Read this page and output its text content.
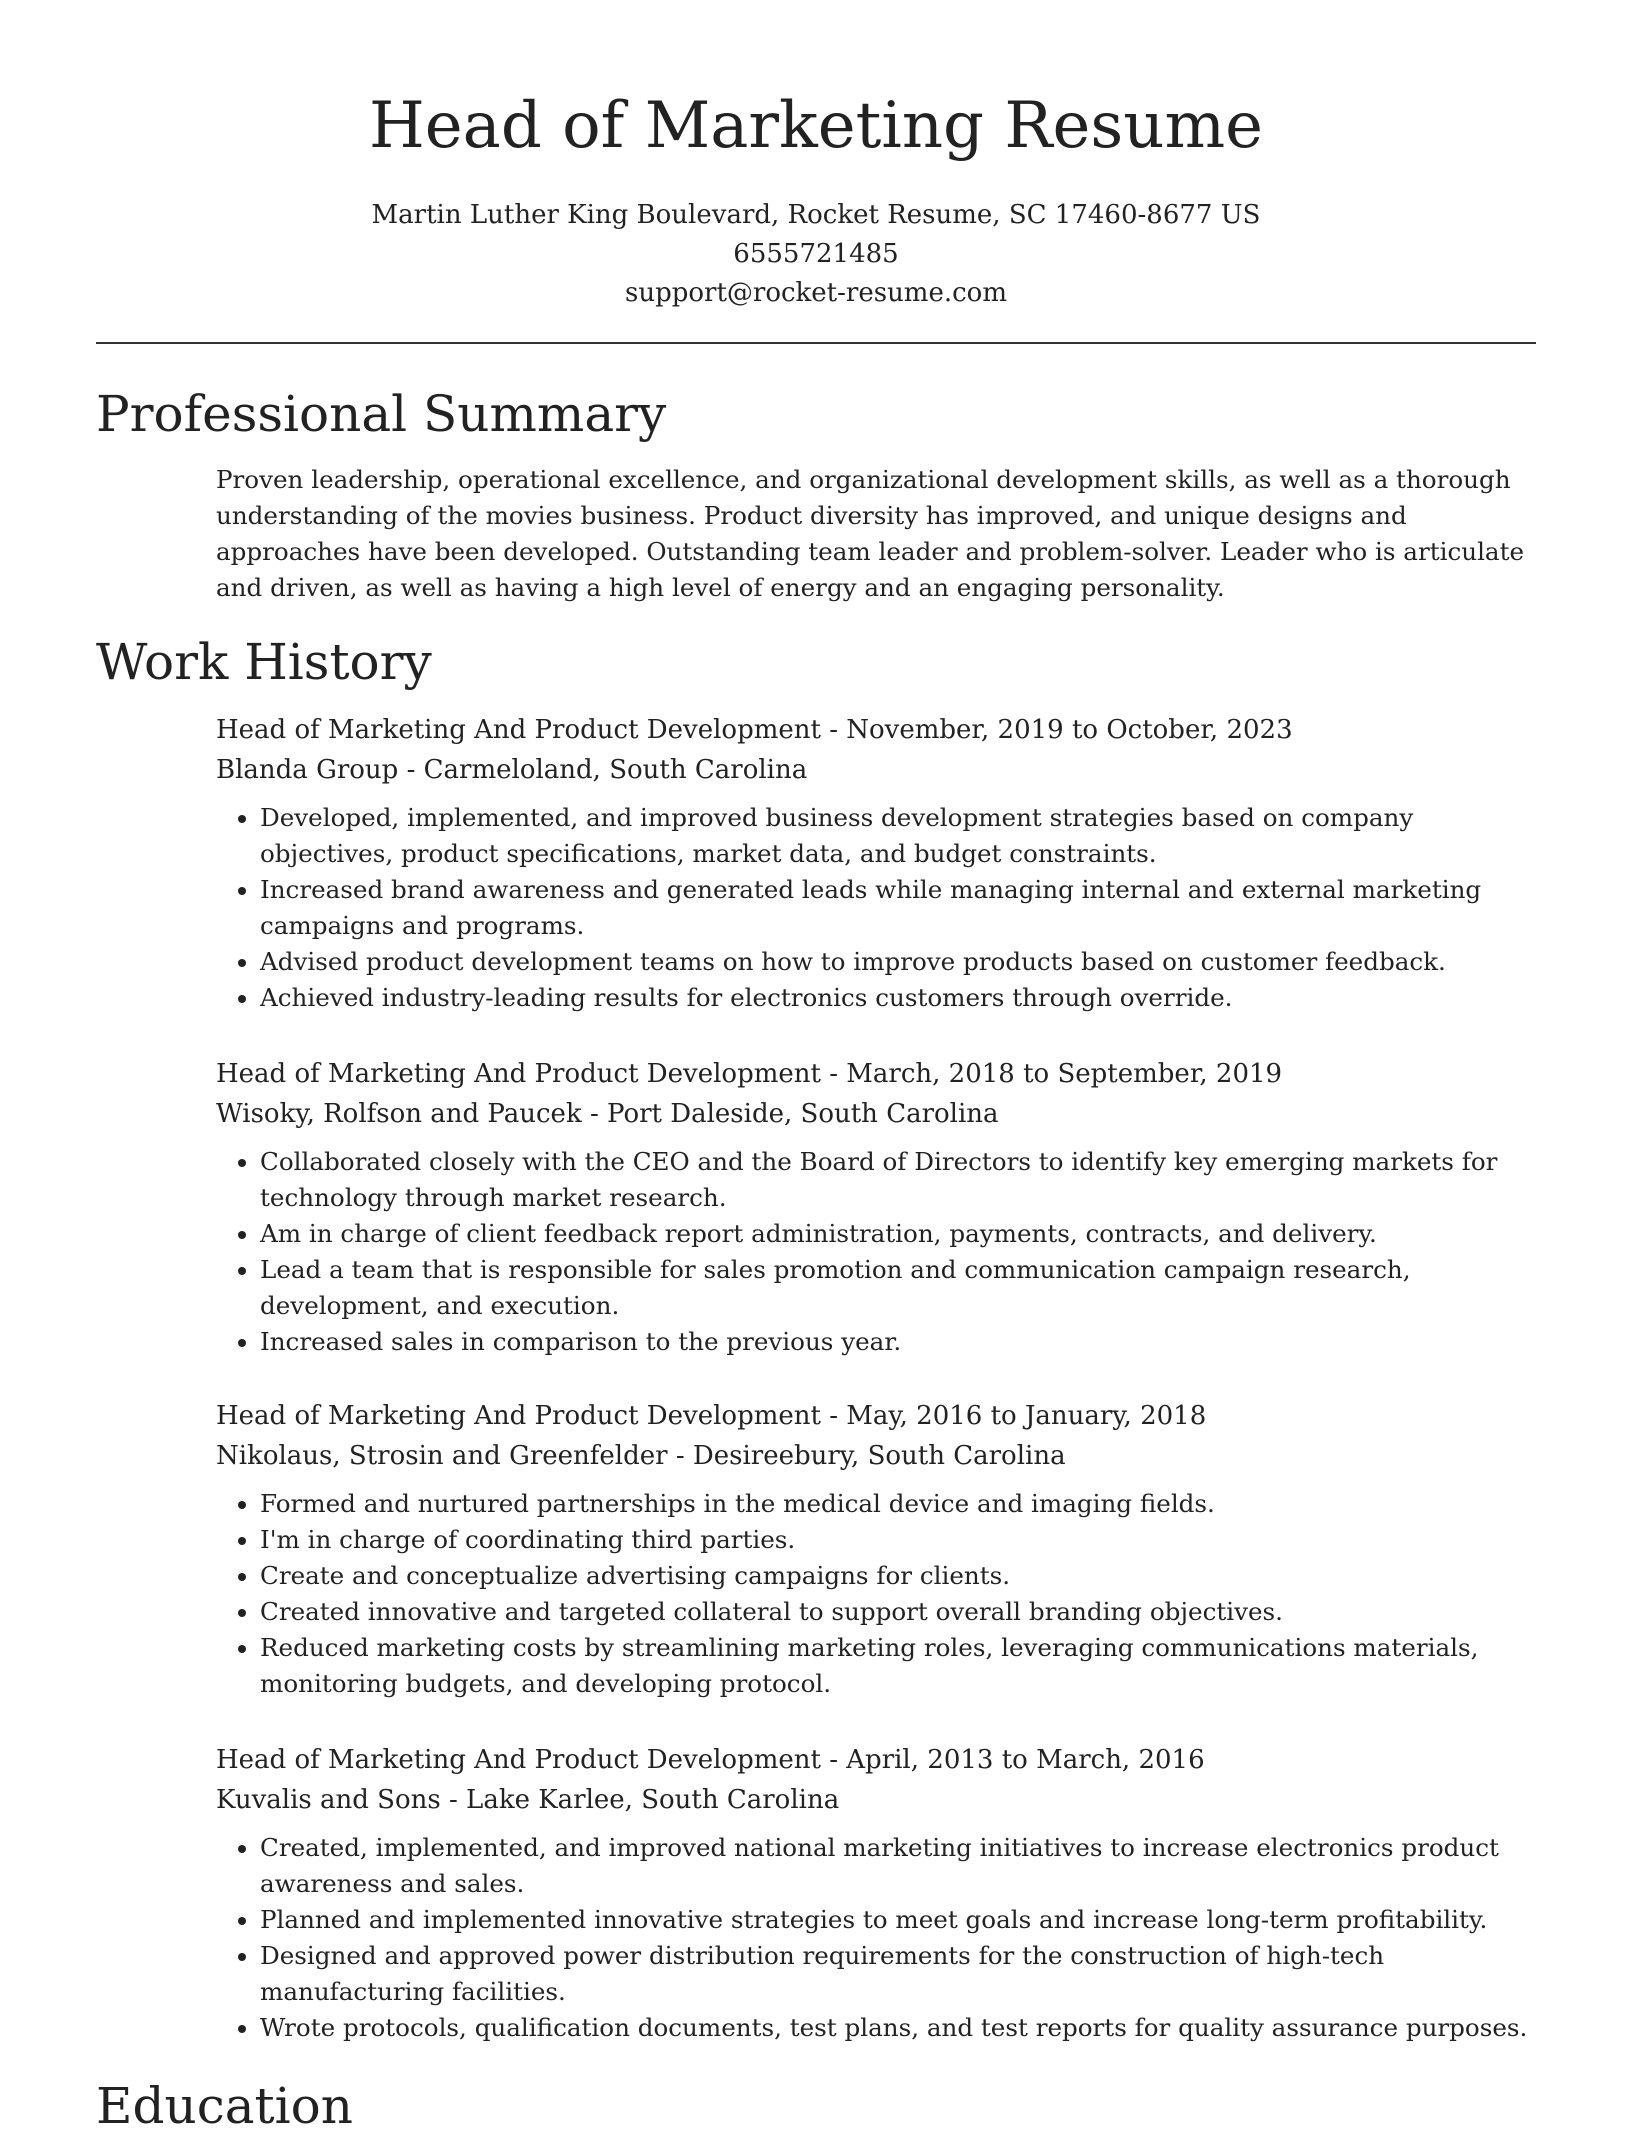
Head of Marketing Resume
Martin Luther King Boulevard, Rocket Resume, SC 17460-8677 US
6555721485
support@rocket-resume.com
Professional Summary

Proven leadership, operational excellence, and organizational development skills, as well as a thorough understanding of the movies business. Product diversity has improved, and unique designs and approaches have been developed. Outstanding team leader and problem-solver. Leader who is articulate and driven, as well as having a high level of energy and an engaging personality.

Work History

Head of Marketing And Product Development - November, 2019 to October, 2023

Blanda Group - Carmeloland, South Carolina

• Developed, implemented, and improved business development strategies based on company objectives, product specifications, market data, and budget constraints.
• Increased brand awareness and generated leads while managing internal and external marketing campaigns and programs.
• Advised product development teams on how to improve products based on customer feedback.
• Achieved industry-leading results for electronics customers through override.

Head of Marketing And Product Development - March, 2018 to September, 2019

Wisoky, Rolfson and Paucek - Port Daleside, South Carolina

• Collaborated closely with the CEO and the Board of Directors to identify key emerging markets for technology through market research.
• Am in charge of client feedback report administration, payments, contracts, and delivery.
• Lead a team that is responsible for sales promotion and communication campaign research, development, and execution.
• Increased sales in comparison to the previous year.

Head of Marketing And Product Development - May, 2016 to January, 2018

Nikolaus, Strosin and Greenfelder - Desireebury, South Carolina

• Formed and nurtured partnerships in the medical device and imaging fields.
• I'm in charge of coordinating third parties.
• Create and conceptualize advertising campaigns for clients.
• Created innovative and targeted collateral to support overall branding objectives.
• Reduced marketing costs by streamlining marketing roles, leveraging communications materials, monitoring budgets, and developing protocol.

Head of Marketing And Product Development - April, 2013 to March, 2016

Kuvalis and Sons - Lake Karlee, South Carolina

• Created, implemented, and improved national marketing initiatives to increase electronics product awareness and sales.
• Planned and implemented innovative strategies to meet goals and increase long-term profitability.
• Designed and approved power distribution requirements for the construction of high-tech manufacturing facilities.
• Wrote protocols, qualification documents, test plans, and test reports for quality assurance purposes.
Education
